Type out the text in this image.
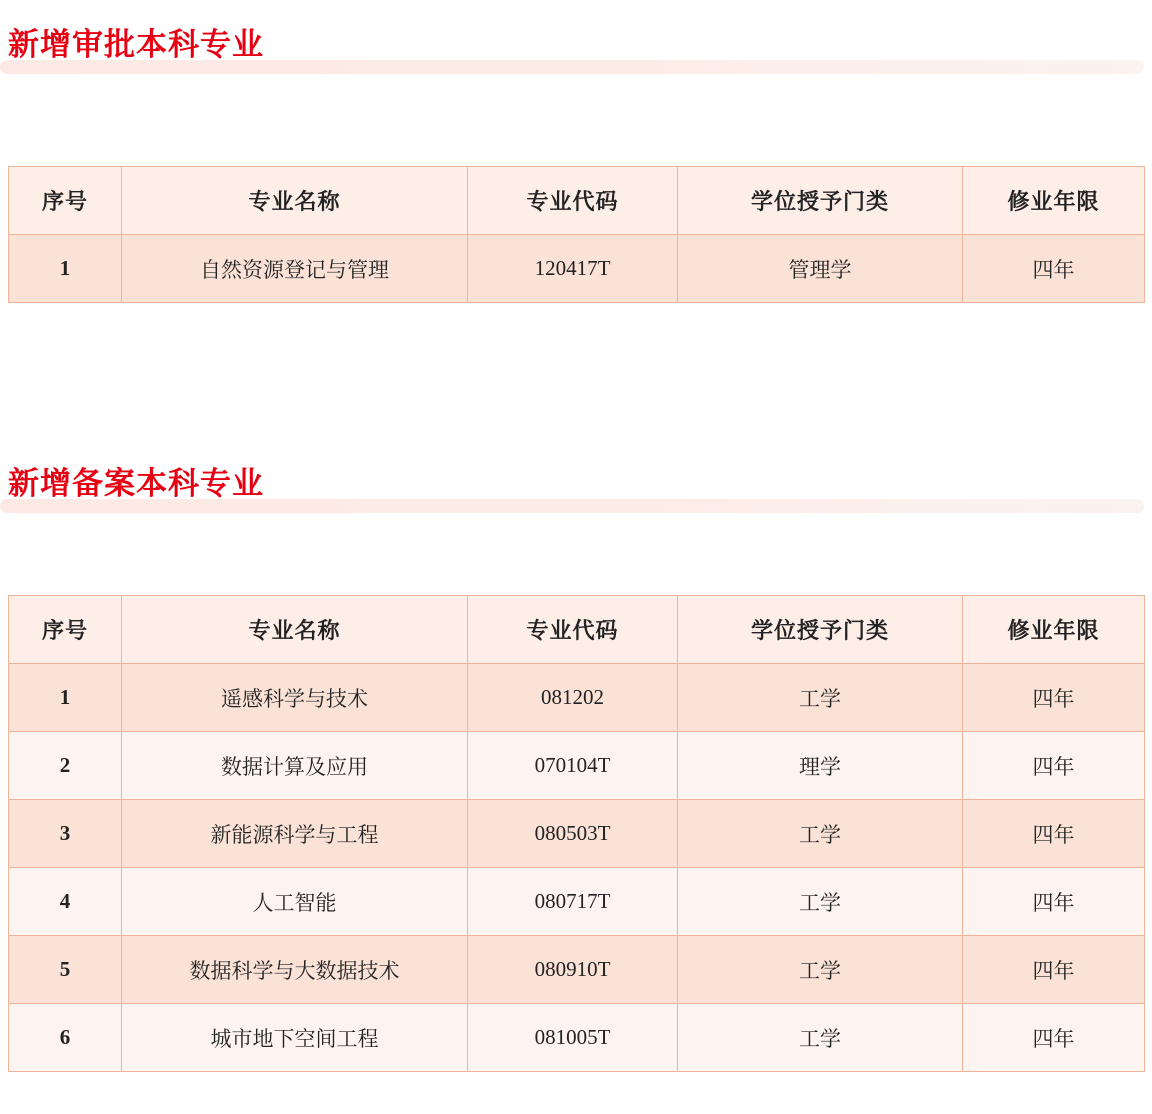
新增审批本科专业
序号	专业名称	专业代码	学位授予门类	修业年限
1	自然资源登记与管理	120417T	管理学	四年
新增备案本科专业
序号	专业名称	专业代码	学位授予门类	修业年限
1	遥感科学与技术	081202	工学	四年
2	数据计算及应用	070104T	理学	四年
3	新能源科学与工程	080503T	工学	四年
4	人工智能	080717T	工学	四年
5	数据科学与大数据技术	080910T	工学	四年
6	城市地下空间工程	081005T	工学	四年
